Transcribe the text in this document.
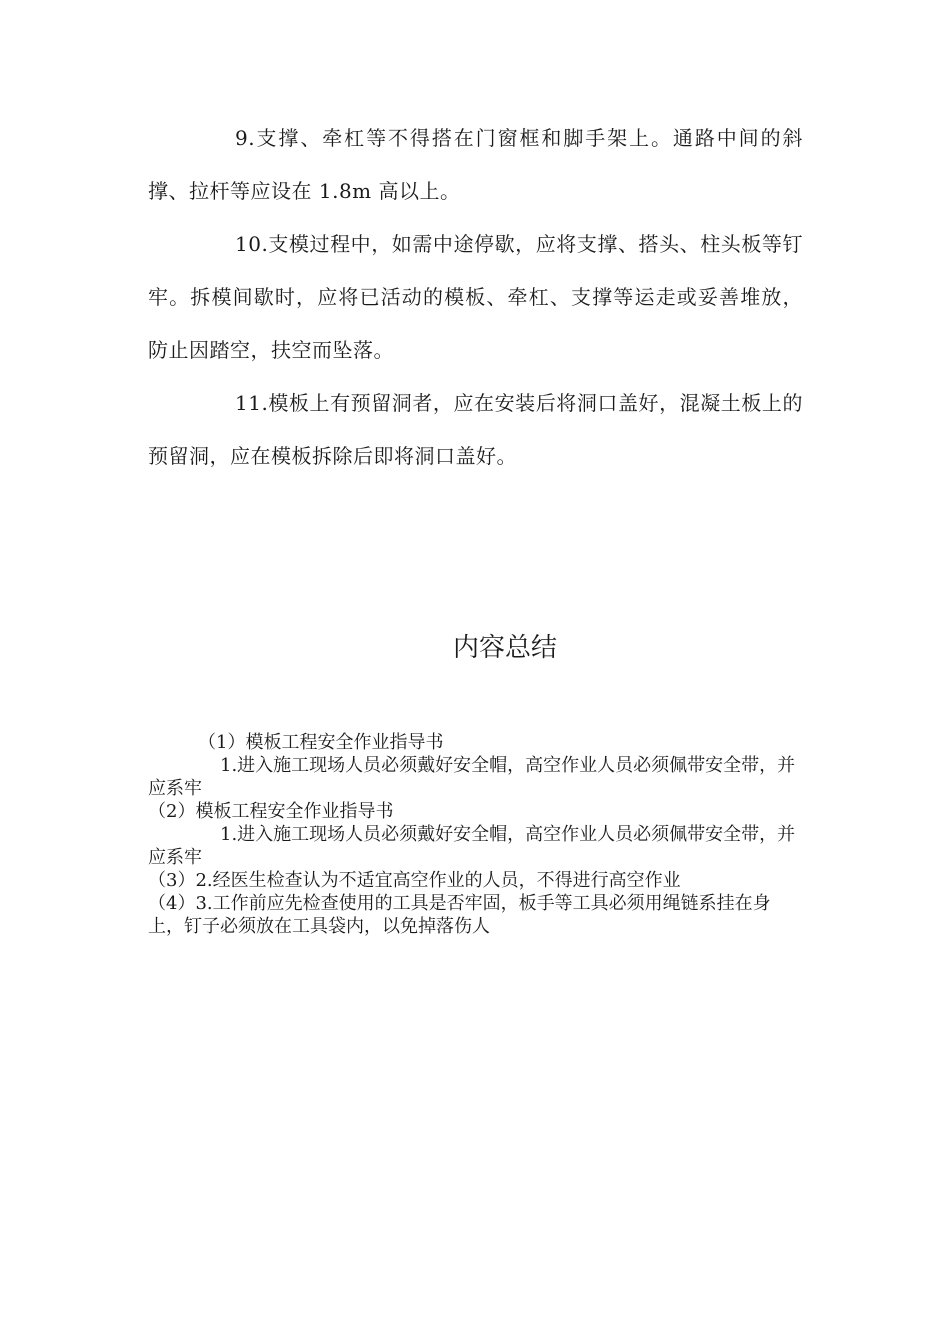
9.支撑、牵杠等不得搭在门窗框和脚手架上。通路中间的斜撑、拉杆等应设在 1.8m 高以上。

10.支模过程中，如需中途停歇，应将支撑、搭头、柱头板等钉牢。拆模间歇时，应将已活动的模板、牵杠、支撑等运走或妥善堆放，防止因踏空，扶空而坠落。

11.模板上有预留洞者，应在安装后将洞口盖好，混凝土板上的预留洞，应在模板拆除后即将洞口盖好。

内容总结

（1）模板工程安全作业指导书

1.进入施工现场人员必须戴好安全帽，高空作业人员必须佩带安全带，并应系牢

（2）模板工程安全作业指导书

1.进入施工现场人员必须戴好安全帽，高空作业人员必须佩带安全带，并应系牢

（3）2.经医生检查认为不适宜高空作业的人员，不得进行高空作业

（4）3.工作前应先检查使用的工具是否牢固，板手等工具必须用绳链系挂在身上，钉子必须放在工具袋内，以免掉落伤人
